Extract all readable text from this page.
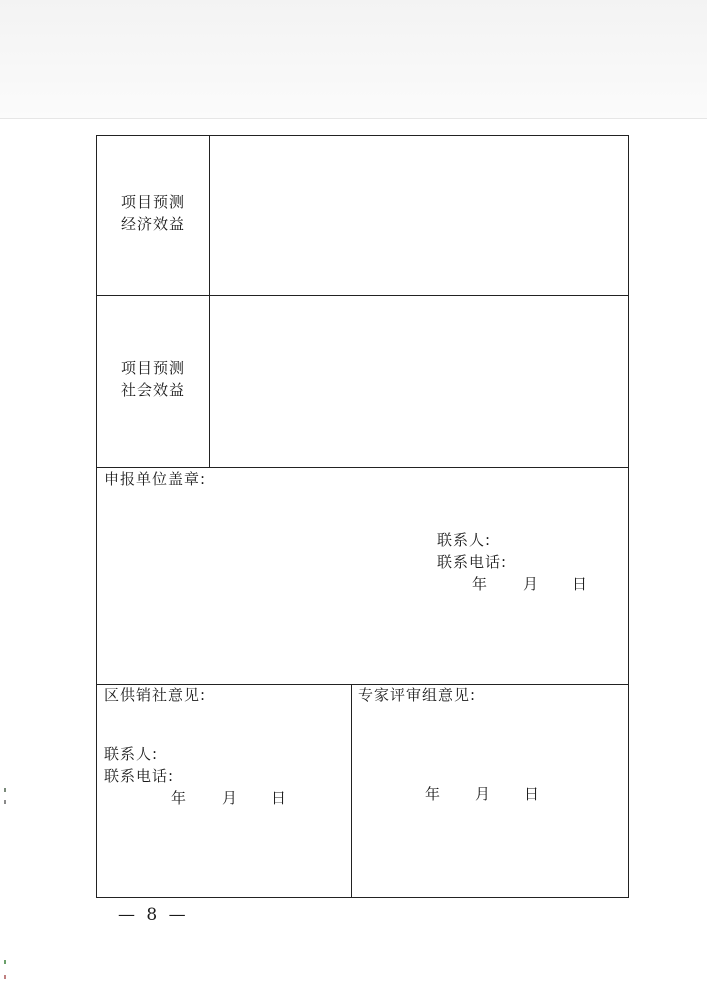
项目预测
经济效益
项目预测
社会效益
申报单位盖章:
联系人:
联系电话:
年 月 日
区供销社意见:
联系人:
联系电话:
年 月 日
专家评审组意见:
年 月 日
— 8 —
